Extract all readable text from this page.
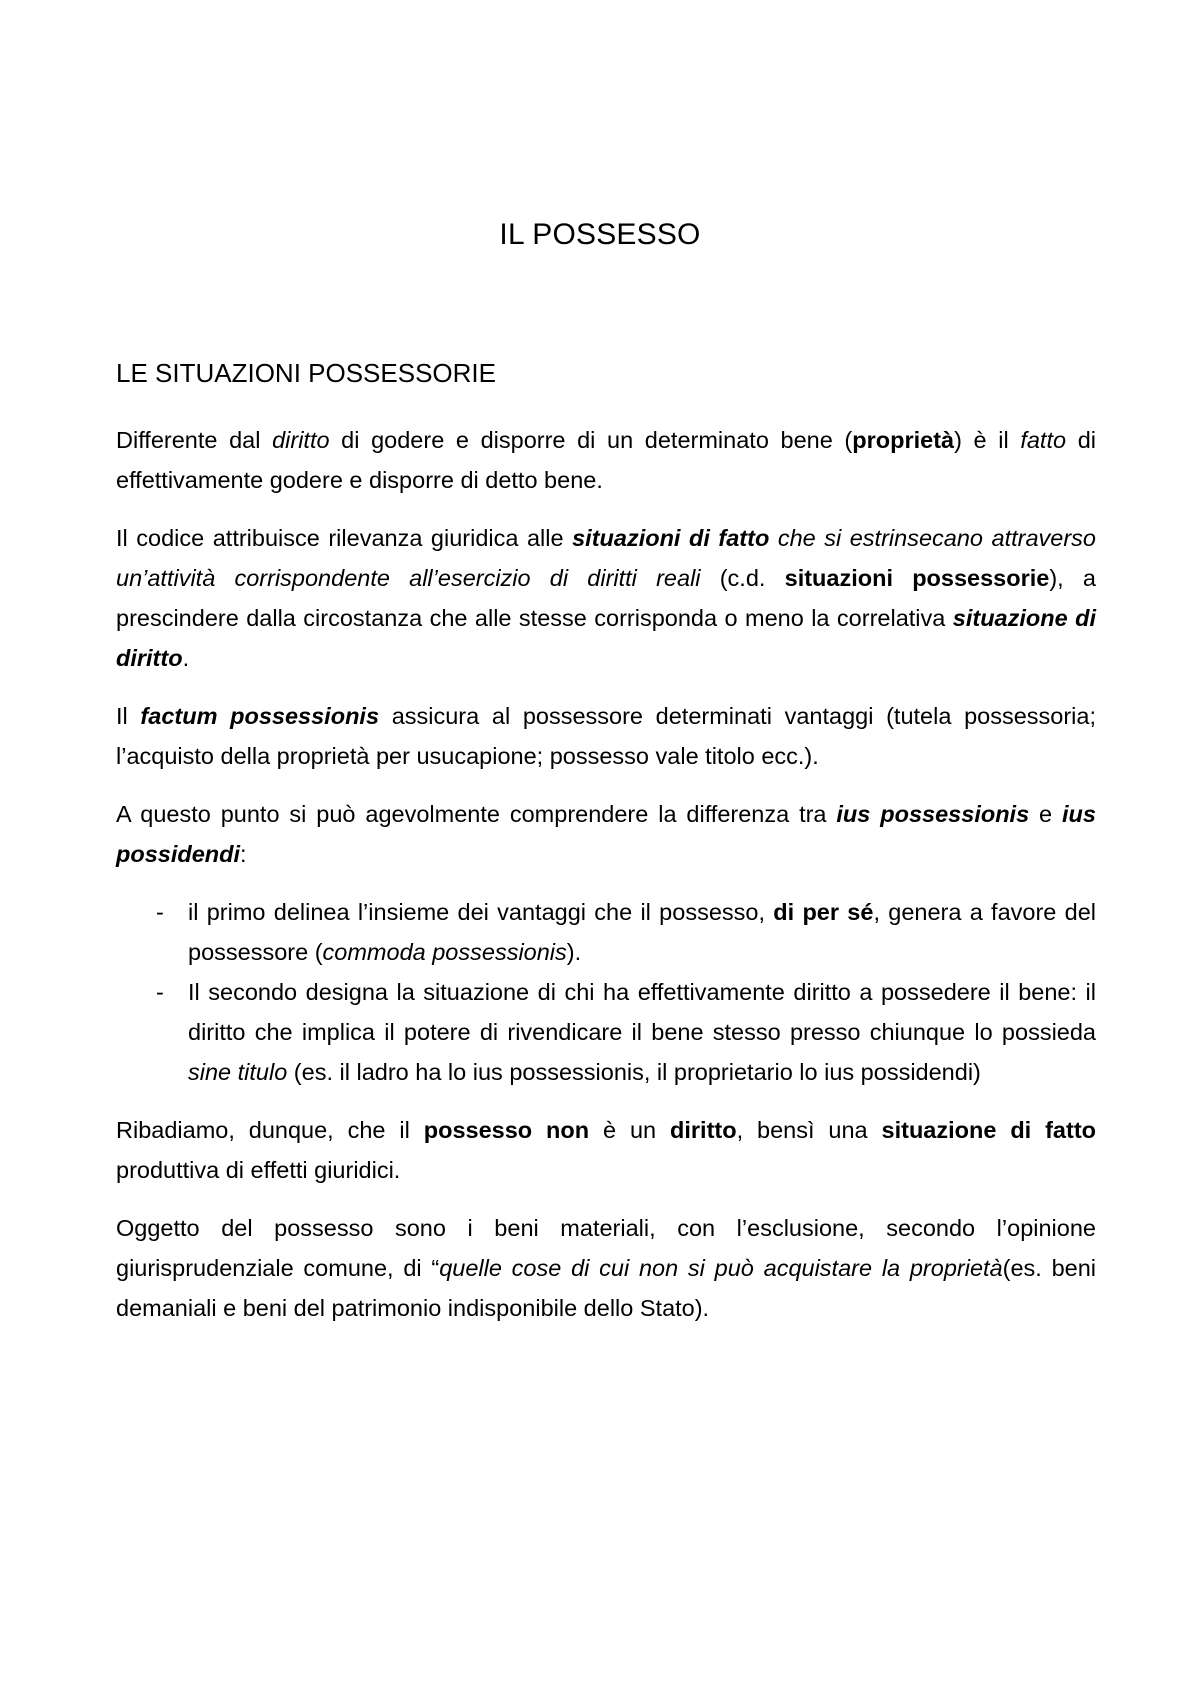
IL POSSESSO
LE SITUAZIONI POSSESSORIE

Differente dal diritto di godere e disporre di un determinato bene (proprietà) è il fatto di effettivamente godere e disporre di detto bene.

Il codice attribuisce rilevanza giuridica alle situazioni di fatto che si estrinsecano attraverso un’attività corrispondente all’esercizio di diritti reali (c.d. situazioni possessorie), a prescindere dalla circostanza che alle stesse corrisponda o meno la correlativa situazione di diritto.

Il factum possessionis assicura al possessore determinati vantaggi (tutela possessoria; l’acquisto della proprietà per usucapione; possesso vale titolo ecc.).

A questo punto si può agevolmente comprendere la differenza tra ius possessionis e ius possidendi:

- il primo delinea l’insieme dei vantaggi che il possesso, di per sé, genera a favore del possessore (commoda possessionis).
- Il secondo designa la situazione di chi ha effettivamente diritto a possedere il bene: il diritto che implica il potere di rivendicare il bene stesso presso chiunque lo possieda sine titulo (es. il ladro ha lo ius possessionis, il proprietario lo ius possidendi)

Ribadiamo, dunque, che il possesso non è un diritto, bensì una situazione di fatto produttiva di effetti giuridici.

Oggetto del possesso sono i beni materiali, con l’esclusione, secondo l’opinione giurisprudenziale comune, di “quelle cose di cui non si può acquistare la proprietà(es. beni demaniali e beni del patrimonio indisponibile dello Stato).
